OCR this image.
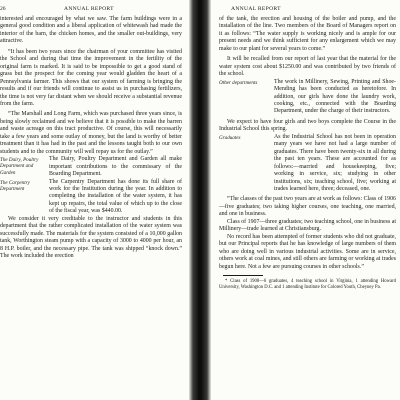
26	ANNUAL REPORT

interested and encouraged by what we saw. The farm buildings were in a general good condition and a liberal application of whitewash had made the interior of the barn, the chicken homes, and the smaller out-buildings, very attractive.

“It has been two years since the chairman of your committee has visited the School and during that time the improvement in the fertility of the original farm is marked. It is said to be impossible to get a good stand of grass but the prospect for the coming year would gladden the heart of a Pennsylvania farmer. This shows that our system of farming is bringing the results and if our friends will continue to assist us in purchasing fertilizers, the time is not very far distant when we should receive a substantial revenue from the farm.

“The Marshall and Long Farm, which was purchased three years since, is being slowly reclaimed and we believe that it is possible to make the barren and waste acreage on this tract productive. Of course, this will necessarily take a few years and some outlay of money, but the land is worthy of better treatment than it has had in the past and the lessons taught both to our own students and to the community will well repay us for the outlay.”

The Dairy, Poultry Department and Garden

The Dairy, Poultry Department and Garden all make important contributions to the commissary of the Boarding Department.

The Carpentry Department

The Carpentry Department has done its full share of work for the Institution during the year. In addition to completing the installation of the water system, it has kept up repairs, the total value of which up to the close of the fiscal year, was $440.00.

We consider it very creditable to the instructor and students in this department that the rather complicated installation of the water system was successfully made. The materials for the system consisted of a 10,000 gallon tank, Worthington steam pump with a capacity of 3000 to 4000 per hour, an 8 H.P. boiler, and the necessary pipe. The tank was shipped “knock down.” The work included the erection

ANNUAL REPORT

of the tank, the erection and housing of the boiler and pump, and the installation of the line. Two members of the Board of Managers report on it as follows: “The water supply is working nicely and is ample for our present needs and we think sufficient for any enlargement which we may make to our plant for several years to come.”

It will be recalled from our report of last year that the material for the water system cost about $1250.00 and was contributed by two friends of the school.

Other departments	The work in Millinery, Sewing, Printing and Shoe-Mending has been conducted as heretofore. In addition, our girls have done the laundry work, cooking, etc., connected with the Boarding Department, under the charge of their instructors.

We expect to have four girls and two boys complete the Course in the Industrial School this spring.

Graduates	As the Industrial School has not been in operation many years we have not had a large number of graduates. There have been twenty-six in all during the past ten years. These are accounted for as follows:—married and housekeeping, five; working in service, six; studying in other institutions, six; teaching school, five; working at trades learned here, three; deceased, one.

“The classes of the past two years are at work as follows: Class of 1906—five graduates; two taking higher courses, one teaching, one married, and one in business.

Class of 1907—three graduates; two teaching school, one in business at Millinery—trade learned at Christiansburg.

No record has been attempted of former students who did not graduate, but our Principal reports that he has knowledge of large numbers of them who are doing well in various industrial activities. Some are in service, others work at coal mines, and still others are farming or working at trades begun here. Not a few are pursuing courses in other schools.”

* Class of 1908—6 graduates, 4 teaching school in Virginia, 1 attending Howard University, Washington D.C. and 1 attending Institute for Colored Youth, Cheyney Pa.
